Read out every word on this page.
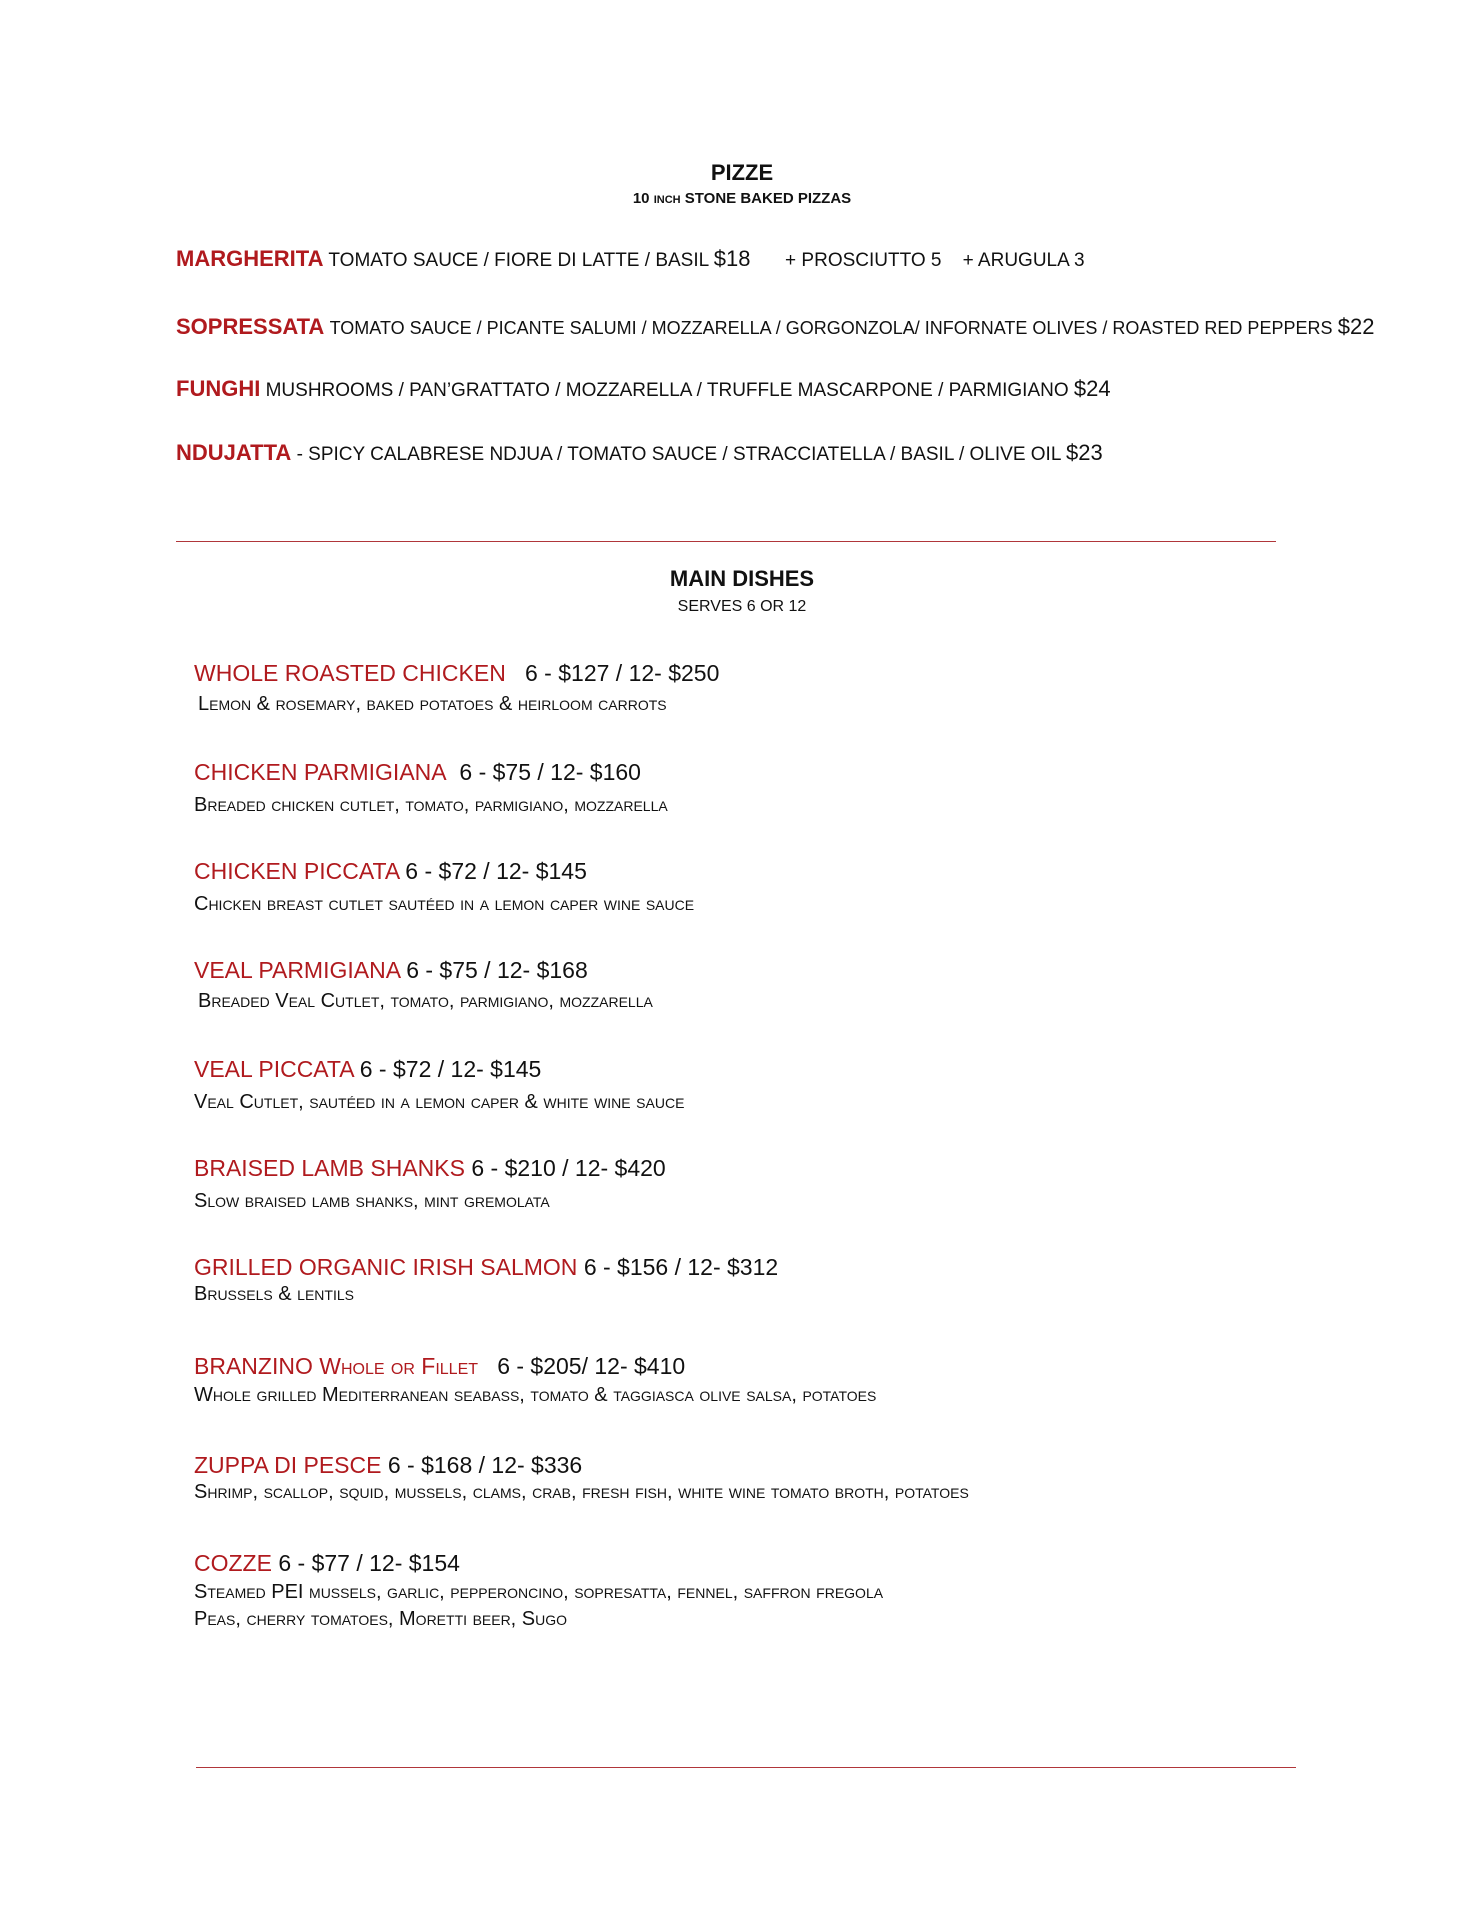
PIZZE
10 INCH STONE BAKED PIZZAS
MARGHERITA TOMATO SAUCE / FIORE DI LATTE / BASIL $18 + PROSCIUTTO 5    + ARUGULA 3
SOPRESSATA TOMATO SAUCE / PICANTE SALUMI / MOZZARELLA / GORGONZOLA/ INFORNATE OLIVES / ROASTED RED PEPPERS $22
FUNGHI MUSHROOMS / PAN’GRATTATO / MOZZARELLA / TRUFFLE MASCARPONE / PARMIGIANO $24
NDUJATTA - SPICY CALABRESE NDJUA / TOMATO SAUCE / STRACCIATELLA / BASIL / OLIVE OIL $23
MAIN DISHES
SERVES 6 OR 12
WHOLE ROASTED CHICKEN 6 - $127 / 12- $250
Lemon & rosemary, baked potatoes & heirloom carrots
CHICKEN PARMIGIANA 6 - $75 / 12- $160
Breaded chicken cutlet, tomato, parmigiano, mozzarella
CHICKEN PICCATA 6 - $72 / 12- $145
Chicken breast cutlet sautéed in a lemon caper wine sauce
VEAL PARMIGIANA 6 - $75 / 12- $168
Breaded Veal Cutlet, tomato, parmigiano, mozzarella
VEAL PICCATA 6 - $72 / 12- $145
Veal Cutlet, sautéed in a lemon caper & white wine sauce
BRAISED LAMB SHANKS 6 - $210 / 12- $420
Slow braised lamb shanks, mint gremolata
GRILLED ORGANIC IRISH SALMON 6 - $156 / 12- $312
Brussels & lentils
BRANZINO Whole or Fillet 6 - $205/ 12- $410
Whole grilled Mediterranean seabass, tomato & taggiasca olive salsa, potatoes
ZUPPA DI PESCE 6 - $168 / 12- $336
Shrimp, scallop, squid, mussels, clams, crab, fresh fish, white wine tomato broth, potatoes
COZZE 6 - $77 / 12- $154
Steamed PEI mussels, garlic, pepperoncino, sopresatta, fennel, saffron fregola
Peas, cherry tomatoes, Moretti beer, Sugo
